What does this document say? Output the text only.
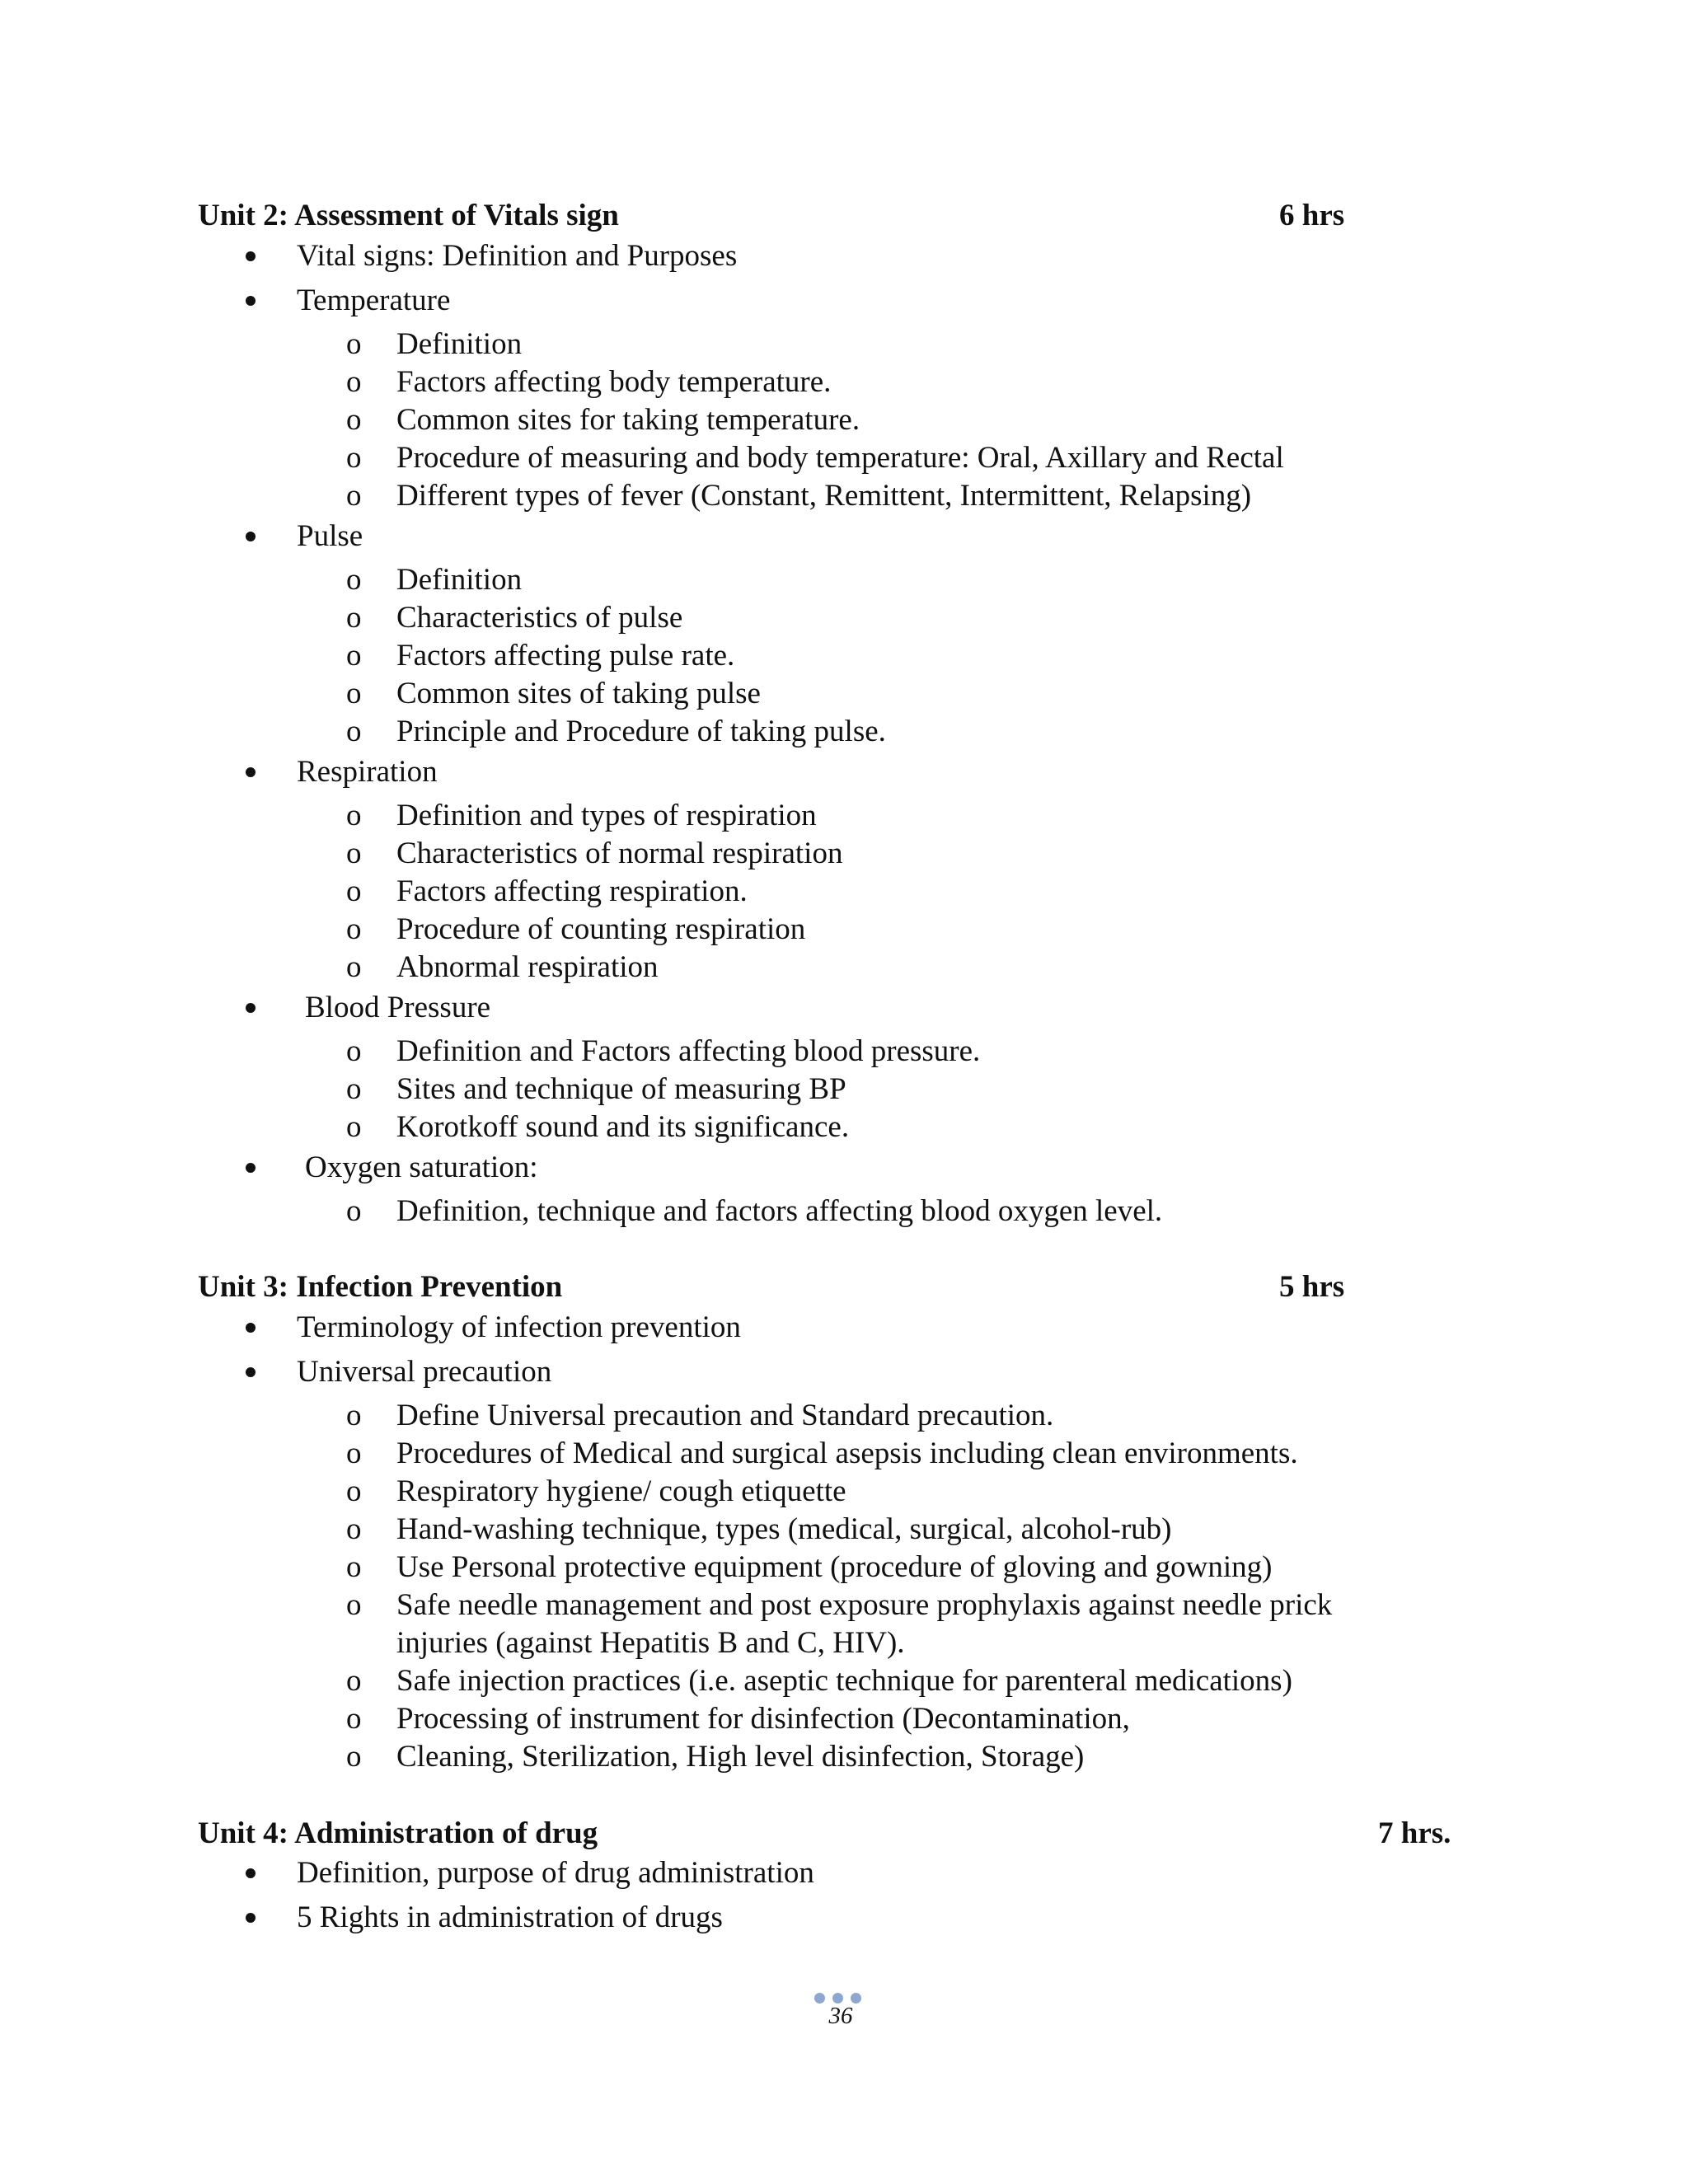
Unit 2: Assessment of Vitals sign	6 hrs
Vital signs: Definition and Purposes
Temperature
o Definition
o Factors affecting body temperature.
o Common sites for taking temperature.
o Procedure of measuring and body temperature: Oral, Axillary and Rectal
o Different types of fever (Constant, Remittent, Intermittent, Relapsing)
Pulse
o Definition
o Characteristics of pulse
o Factors affecting pulse rate.
o Common sites of taking pulse
o Principle and Procedure of taking pulse.
Respiration
o Definition and types of respiration
o Characteristics of normal respiration
o Factors affecting respiration.
o Procedure of counting respiration
o Abnormal respiration
Blood Pressure
o Definition and Factors affecting blood pressure.
o Sites and technique of measuring BP
o Korotkoff sound and its significance.
Oxygen saturation:
o Definition, technique and factors affecting blood oxygen level.
Unit 3: Infection Prevention	5 hrs
Terminology of infection prevention
Universal precaution
o Define Universal precaution and Standard precaution.
o Procedures of Medical and surgical asepsis including clean environments.
o Respiratory hygiene/ cough etiquette
o Hand-washing technique, types (medical, surgical, alcohol-rub)
o Use Personal protective equipment (procedure of gloving and gowning)
o Safe needle management and post exposure prophylaxis against needle prick
injuries (against Hepatitis B and C, HIV).
o Safe injection practices (i.e. aseptic technique for parenteral medications)
o Processing of instrument for disinfection (Decontamination,
o Cleaning, Sterilization, High level disinfection, Storage)
Unit 4: Administration of drug	7 hrs.
Definition, purpose of drug administration
5 Rights in administration of drugs
36
